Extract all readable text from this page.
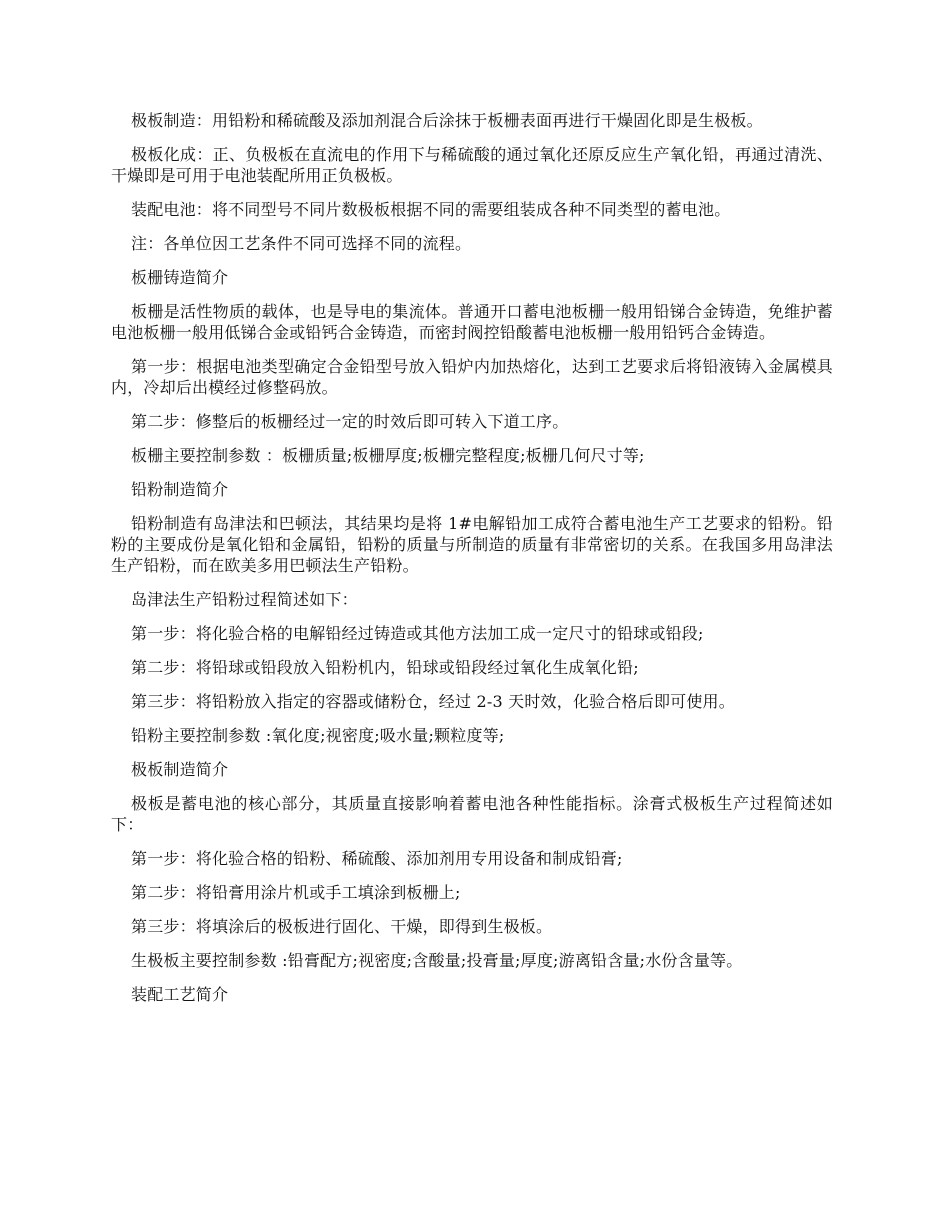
极板制造：用铅粉和稀硫酸及添加剂混合后涂抹于板栅表面再进行干燥固化即是生极板。

极板化成：正、负极板在直流电的作用下与稀硫酸的通过氧化还原反应生产氧化铅，再通过清洗、干燥即是可用于电池装配所用正负极板。

装配电池：将不同型号不同片数极板根据不同的需要组装成各种不同类型的蓄电池。

注：各单位因工艺条件不同可选择不同的流程。

板栅铸造简介

板栅是活性物质的载体，也是导电的集流体。普通开口蓄电池板栅一般用铅锑合金铸造，免维护蓄电池板栅一般用低锑合金或铅钙合金铸造，而密封阀控铅酸蓄电池板栅一般用铅钙合金铸造。

第一步：根据电池类型确定合金铅型号放入铅炉内加热熔化，达到工艺要求后将铅液铸入金属模具内，冷却后出模经过修整码放。

第二步：修整后的板栅经过一定的时效后即可转入下道工序。

板栅主要控制参数 ：板栅质量;板栅厚度;板栅完整程度;板栅几何尺寸等;

铅粉制造简介

铅粉制造有岛津法和巴顿法，其结果均是将 1#电解铅加工成符合蓄电池生产工艺要求的铅粉。铅粉的主要成份是氧化铅和金属铅，铅粉的质量与所制造的质量有非常密切的关系。在我国多用岛津法生产铅粉，而在欧美多用巴顿法生产铅粉。

岛津法生产铅粉过程简述如下：

第一步：将化验合格的电解铅经过铸造或其他方法加工成一定尺寸的铅球或铅段;

第二步：将铅球或铅段放入铅粉机内，铅球或铅段经过氧化生成氧化铅;

第三步：将铅粉放入指定的容器或储粉仓，经过 2-3 天时效，化验合格后即可使用。

铅粉主要控制参数 :氧化度;视密度;吸水量;颗粒度等;

极板制造简介

极板是蓄电池的核心部分，其质量直接影响着蓄电池各种性能指标。涂膏式极板生产过程简述如下：

第一步：将化验合格的铅粉、稀硫酸、添加剂用专用设备和制成铅膏;

第二步：将铅膏用涂片机或手工填涂到板栅上;

第三步：将填涂后的极板进行固化、干燥，即得到生极板。

生极板主要控制参数 :铅膏配方;视密度;含酸量;投膏量;厚度;游离铅含量;水份含量等。

装配工艺简介
